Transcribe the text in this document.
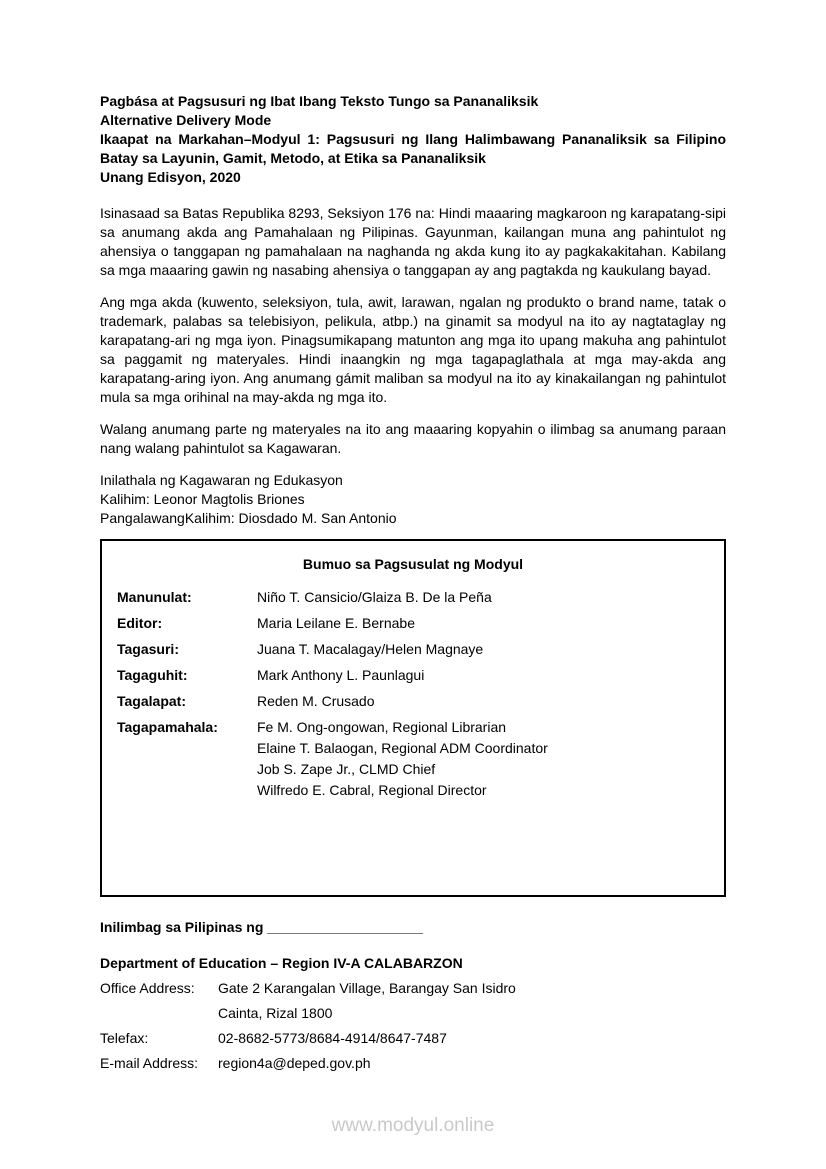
Pagbása at Pagsusuri ng Ibat Ibang Teksto Tungo sa Pananaliksik
Alternative Delivery Mode
Ikaapat na Markahan–Modyul 1: Pagsusuri ng Ilang Halimbawang Pananaliksik sa Filipino Batay sa Layunin, Gamit, Metodo, at Etika sa Pananaliksik
Unang Edisyon, 2020

Isinasaad sa Batas Republika 8293, Seksiyon 176 na: Hindi maaaring magkaroon ng karapatang-sipi sa anumang akda ang Pamahalaan ng Pilipinas. Gayunman, kailangan muna ang pahintulot ng ahensiya o tanggapan ng pamahalaan na naghanda ng akda kung ito ay pagkakakitahan. Kabilang sa mga maaaring gawin ng nasabing ahensiya o tanggapan ay ang pagtakda ng kaukulang bayad.

Ang mga akda (kuwento, seleksiyon, tula, awit, larawan, ngalan ng produkto o brand name, tatak o trademark, palabas sa telebisiyon, pelikula, atbp.) na ginamit sa modyul na ito ay nagtataglay ng karapatang-ari ng mga iyon. Pinagsumikapang matunton ang mga ito upang makuha ang pahintulot sa paggamit ng materyales. Hindi inaangkin ng mga tagapaglathala at mga may-akda ang karapatang-aring iyon. Ang anumang gámit maliban sa modyul na ito ay kinakailangan ng pahintulot mula sa mga orihinal na may-akda ng mga ito.

Walang anumang parte ng materyales na ito ang maaaring kopyahin o ilimbag sa anumang paraan nang walang pahintulot sa Kagawaran.

Inilathala ng Kagawaran ng Edukasyon
Kalihim: Leonor Magtolis Briones
PangalawangKalihim: Diosdado M. San Antonio
Bumuo sa Pagsusulat ng Modyul
Manunulat:	Niño T. Cansicio/Glaiza B. De la Peña
Editor:	Maria Leilane E. Bernabe
Tagasuri:	Juana T. Macalagay/Helen Magnaye
Tagaguhit:	Mark Anthony L. Paunlagui
Tagalapat:	Reden M. Crusado
Tagapamahala:	Fe M. Ong-ongowan, Regional Librarian
Elaine T. Balaogan, Regional ADM Coordinator
Job S. Zape Jr., CLMD Chief
Wilfredo E. Cabral, Regional Director
Inilimbag sa Pilipinas ng ____________________
Department of Education – Region IV-A CALABARZON
Office Address:	Gate 2 Karangalan Village, Barangay San Isidro
Cainta, Rizal 1800
Telefax:	02-8682-5773/8684-4914/8647-7487
E-mail Address:	region4a@deped.gov.ph
www.modyul.online
